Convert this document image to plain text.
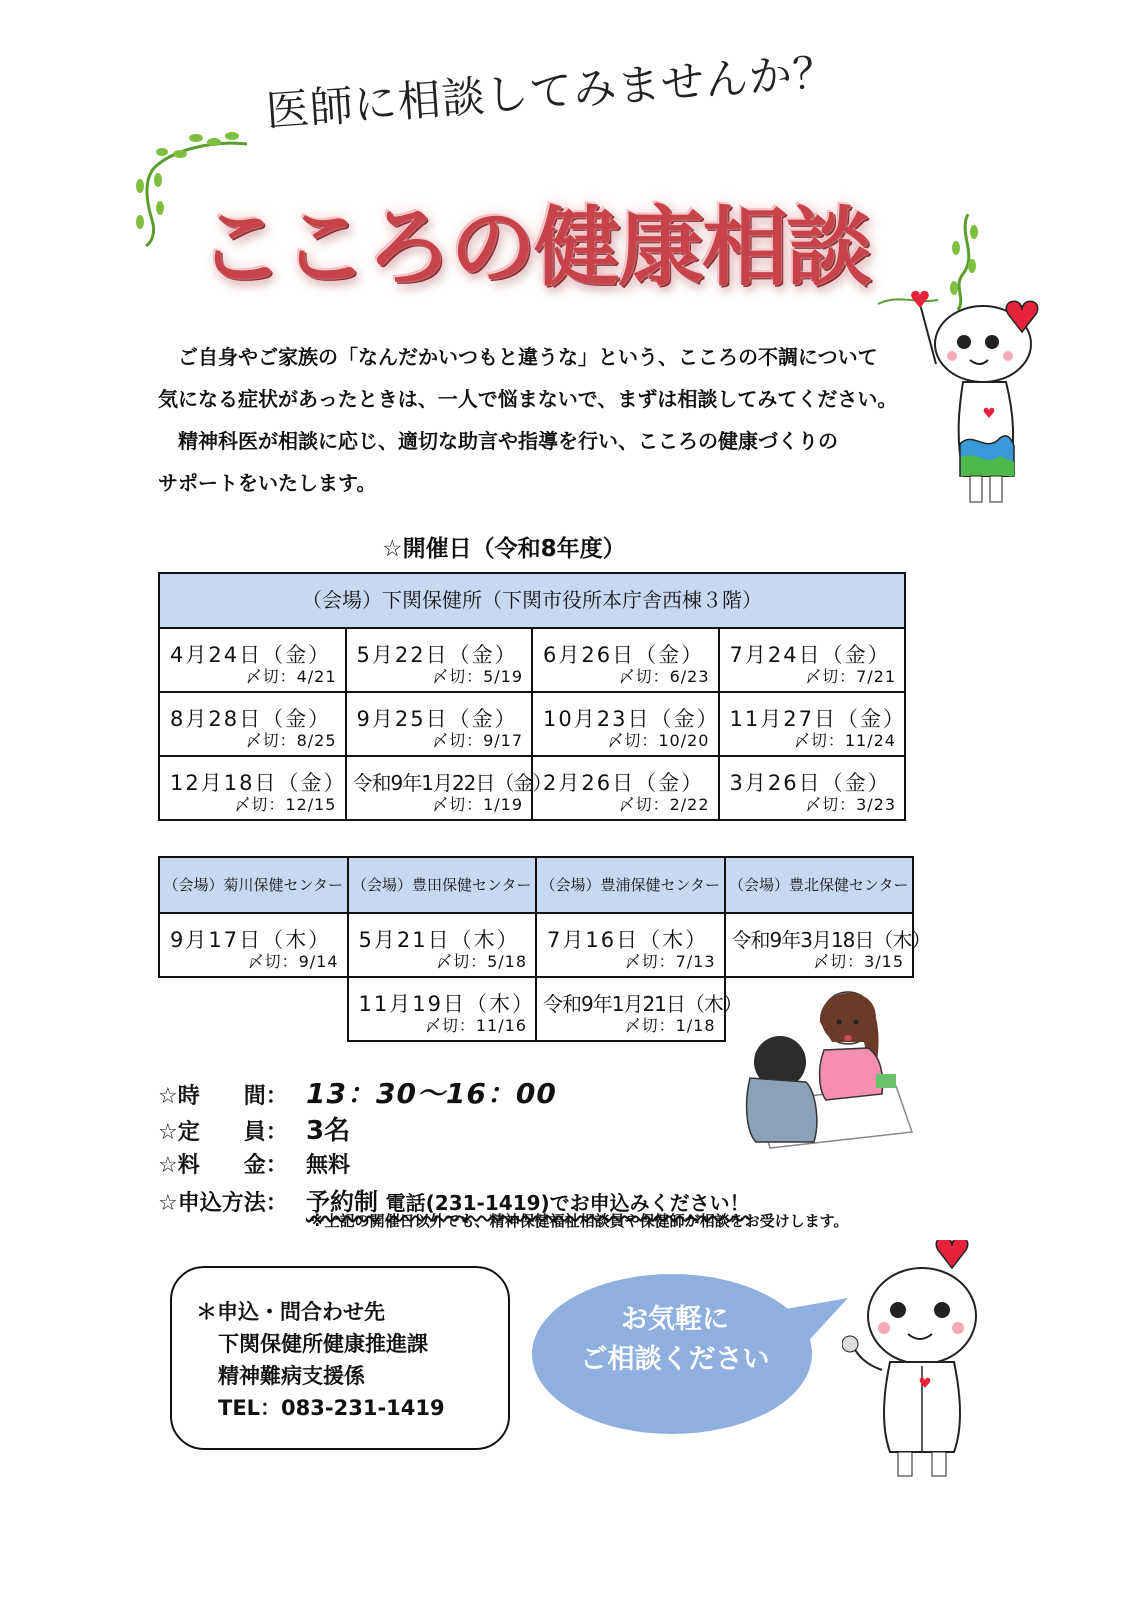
医師に相談してみませんか？
こころの健康相談

　ご自身やご家族の「なんだかいつもと違うな」という、こころの不調について

気になる症状があったときは、一人で悩まないで、まずは相談してみてください。

　精神科医が相談に応じ、適切な助言や指導を行い、こころの健康づくりの

サポートをいたします。

☆開催日（令和8年度）
（会場）下関保健所（下関市役所本庁舎西棟３階）			

4月24日（金）
〆切：4/21	5月22日（金）
〆切：5/19	6月26日（金）
〆切：6/23	7月24日（金）
〆切：7/21

8月28日（金）
〆切：8/25	9月25日（金）
〆切：9/17	10月23日（金）
〆切：10/20	11月27日（金）
〆切：11/24

12月18日（金）
〆切：12/15	令和9年1月22日（金）
〆切：1/19	2月26日（金）
〆切：2/22	3月26日（金）
〆切：3/23
（会場）菊川保健センター	（会場）豊田保健センター	（会場）豊浦保健センター	（会場）豊北保健センター

9月17日（木）
〆切：9/14	5月21日（木）
〆切：5/18	7月16日（木）
〆切：7/13	令和9年3月18日（木）
〆切：3/15

	11月19日（木）
〆切：11/16	令和9年1月21日（木）
〆切：1/18	

☆時　　間： 13：30～16：00
☆定　　員： 3名
☆料　　金： 無料
☆申込方法： 予約制 電話(231-1419)でお申込みください！
※上記の開催日以外でも、精神保健福祉相談員や保健師が相談をお受けします。
＊申込・問合わせ先
下関保健所健康推進課
精神難病支援係
TEL：083-231-1419
お気軽に
ご相談ください
